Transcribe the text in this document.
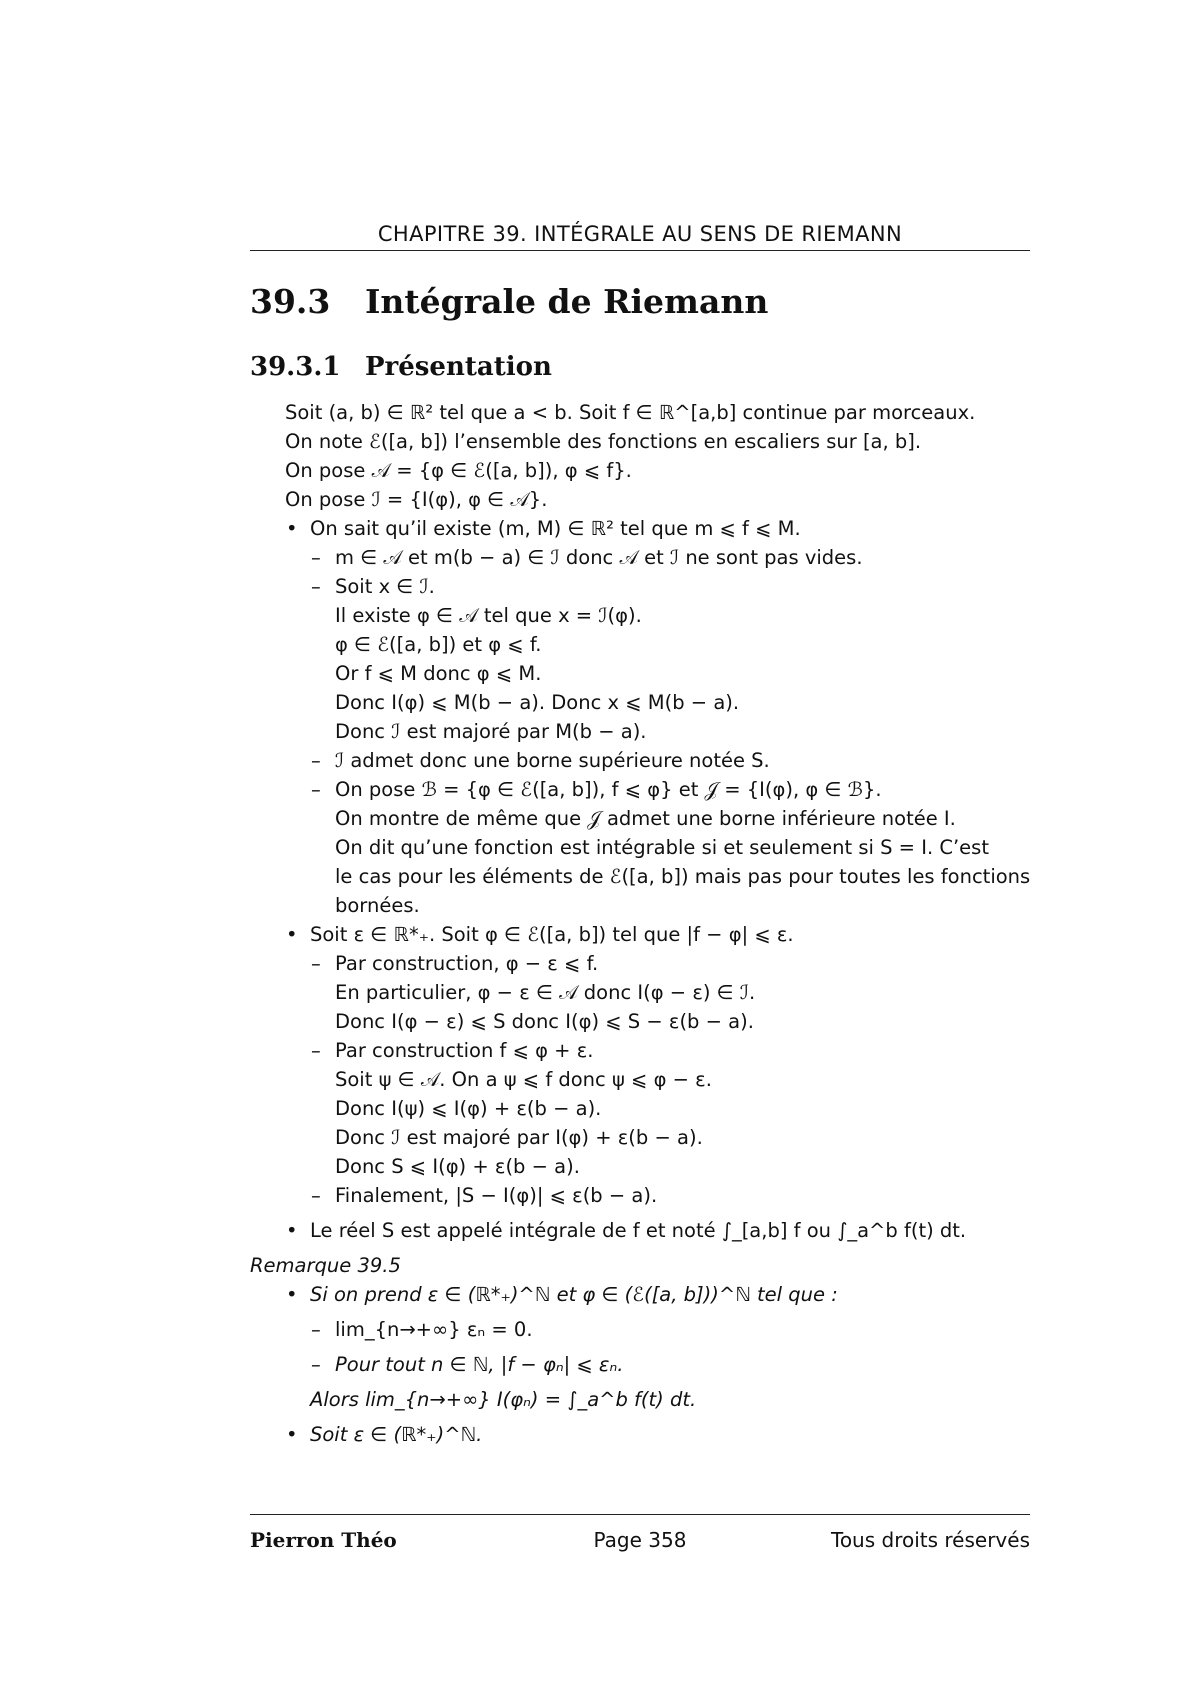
CHAPITRE 39. INTÉGRALE AU SENS DE RIEMANN
39.3 Intégrale de Riemann
39.3.1 Présentation
Soit (a, b) ∈ ℝ² tel que a < b. Soit f ∈ ℝ^[a,b] continue par morceaux.
On note ℰ([a, b]) l’ensemble des fonctions en escaliers sur [a, b].
On pose 𝒜 = {φ ∈ ℰ([a, b]), φ ⩽ f}.
On pose ℐ = {I(φ), φ ∈ 𝒜}.
• On sait qu’il existe (m, M) ∈ ℝ² tel que m ⩽ f ⩽ M.
– m ∈ 𝒜 et m(b − a) ∈ ℐ donc 𝒜 et ℐ ne sont pas vides.
– Soit x ∈ ℐ.
Il existe φ ∈ 𝒜 tel que x = ℐ(φ).
φ ∈ ℰ([a, b]) et φ ⩽ f.
Or f ⩽ M donc φ ⩽ M.
Donc I(φ) ⩽ M(b − a). Donc x ⩽ M(b − a).
Donc ℐ est majoré par M(b − a).
– ℐ admet donc une borne supérieure notée S.
– On pose ℬ = {φ ∈ ℰ([a, b]), f ⩽ φ} et 𝒥 = {I(φ), φ ∈ ℬ}.
On montre de même que 𝒥 admet une borne inférieure notée I.
On dit qu’une fonction est intégrable si et seulement si S = I. C’est
le cas pour les éléments de ℰ([a, b]) mais pas pour toutes les fonctions
bornées.
• Soit ε ∈ ℝ*₊. Soit φ ∈ ℰ([a, b]) tel que |f − φ| ⩽ ε.
– Par construction, φ − ε ⩽ f.
En particulier, φ − ε ∈ 𝒜 donc I(φ − ε) ∈ ℐ.
Donc I(φ − ε) ⩽ S donc I(φ) ⩽ S − ε(b − a).
– Par construction f ⩽ φ + ε.
Soit ψ ∈ 𝒜. On a ψ ⩽ f donc ψ ⩽ φ − ε.
Donc I(ψ) ⩽ I(φ) + ε(b − a).
Donc ℐ est majoré par I(φ) + ε(b − a).
Donc S ⩽ I(φ) + ε(b − a).
– Finalement, |S − I(φ)| ⩽ ε(b − a).
• Le réel S est appelé intégrale de f et noté ∫_[a,b] f ou ∫_a^b f(t) dt.
Remarque 39.5
• Si on prend ε ∈ (ℝ*₊)^ℕ et φ ∈ (ℰ([a, b]))^ℕ tel que :
– lim_{n→+∞} εₙ = 0.
– Pour tout n ∈ ℕ, |f − φₙ| ⩽ εₙ.
Alors lim_{n→+∞} I(φₙ) = ∫_a^b f(t) dt.
• Soit ε ∈ (ℝ*₊)^ℕ.
Pierron Théo	Page 358	Tous droits réservés
